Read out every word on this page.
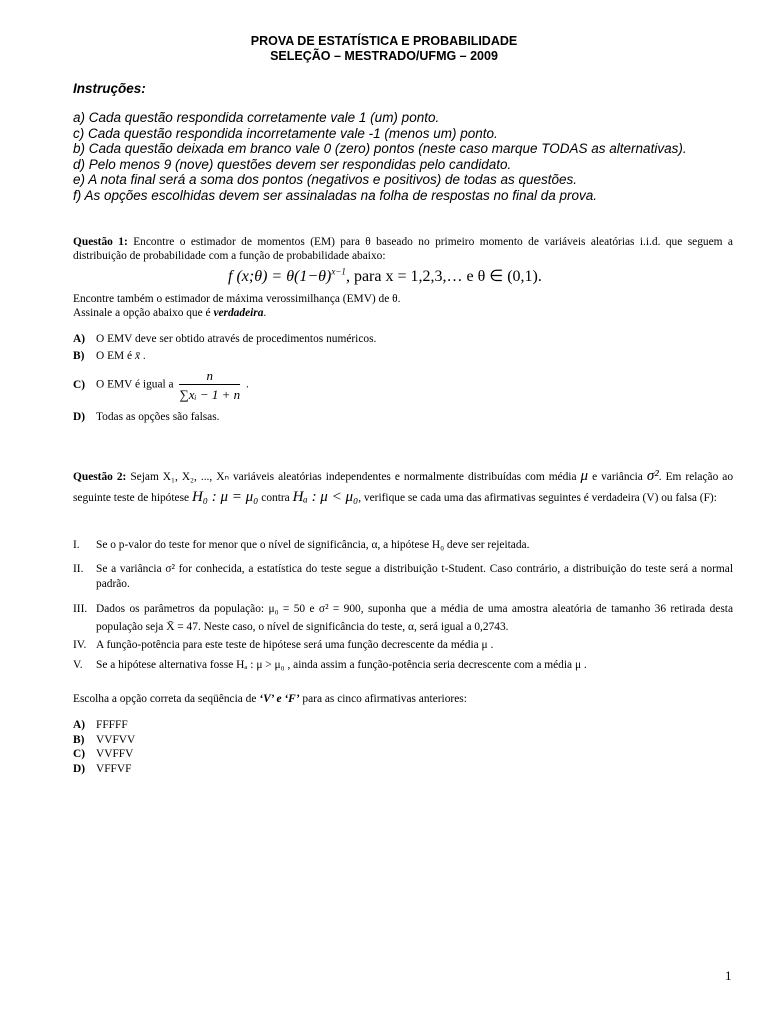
PROVA DE ESTATÍSTICA E PROBABILIDADE
SELEÇÃO – MESTRADO/UFMG – 2009
Instruções:
a) Cada questão respondida corretamente vale 1 (um) ponto.
c) Cada questão respondida incorretamente vale -1 (menos um) ponto.
b) Cada questão deixada em branco vale 0 (zero) pontos (neste caso marque TODAS as alternativas).
d) Pelo menos 9 (nove) questões devem ser respondidas pelo candidato.
e) A nota final será a soma dos pontos (negativos e positivos) de todas as questões.
f) As opções escolhidas devem ser assinaladas na folha de respostas no final da prova.
Questão 1: Encontre o estimador de momentos (EM) para θ baseado no primeiro momento de variáveis aleatórias i.i.d. que seguem a distribuição de probabilidade com a função de probabilidade abaixo:
f (x;θ) = $\theta(1-\theta)^{x-1}$, para x = 1,2,3,… e θ ∈ (0,1).
Encontre também o estimador de máxima verossimilhança (EMV) de θ.
Assinale a opção abaixo que é verdadeira.
A) O EMV deve ser obtido através de procedimentos numéricos.
B) O EM é x̄ .
C) O EMV é igual a $\frac{n}{\text{∑xᵢ − 1 + n}}$ .
D) Todas as opções são falsas.
Questão 2: Sejam X₁, X₂, ..., Xₙ variáveis aleatórias independentes e normalmente distribuídas com média μ e variância σ². Em relação ao seguinte teste de hipótese H₀ : μ = μ₀ contra Hₐ : μ < μ₀, verifique se cada uma das afirmativas seguintes é verdadeira (V) ou falsa (F):
I. Se o p-valor do teste for menor que o nível de significância, α, a hipótese H₀ deve ser rejeitada.
II. Se a variância σ² for conhecida, a estatística do teste segue a distribuição t-Student. Caso contrário, a distribuição do teste será a normal padrão.
III. Dados os parâmetros da população: μ₀ = 50 e σ² = 900, suponha que a média de uma amostra aleatória de tamanho 36 retirada desta população seja X̄ = 47. Neste caso, o nível de significância do teste, α, será igual a 0,2743.
IV. A função-potência para este teste de hipótese será uma função decrescente da média μ .
V. Se a hipótese alternativa fosse Hₐ : μ > μ₀ , ainda assim a função-potência seria decrescente com a média μ .
Escolha a opção correta da seqüência de ‘V’ e ‘F’ para as cinco afirmativas anteriores:
A) FFFFF
B) VVFVV
C) VVFFV
D) VFFVF
1
